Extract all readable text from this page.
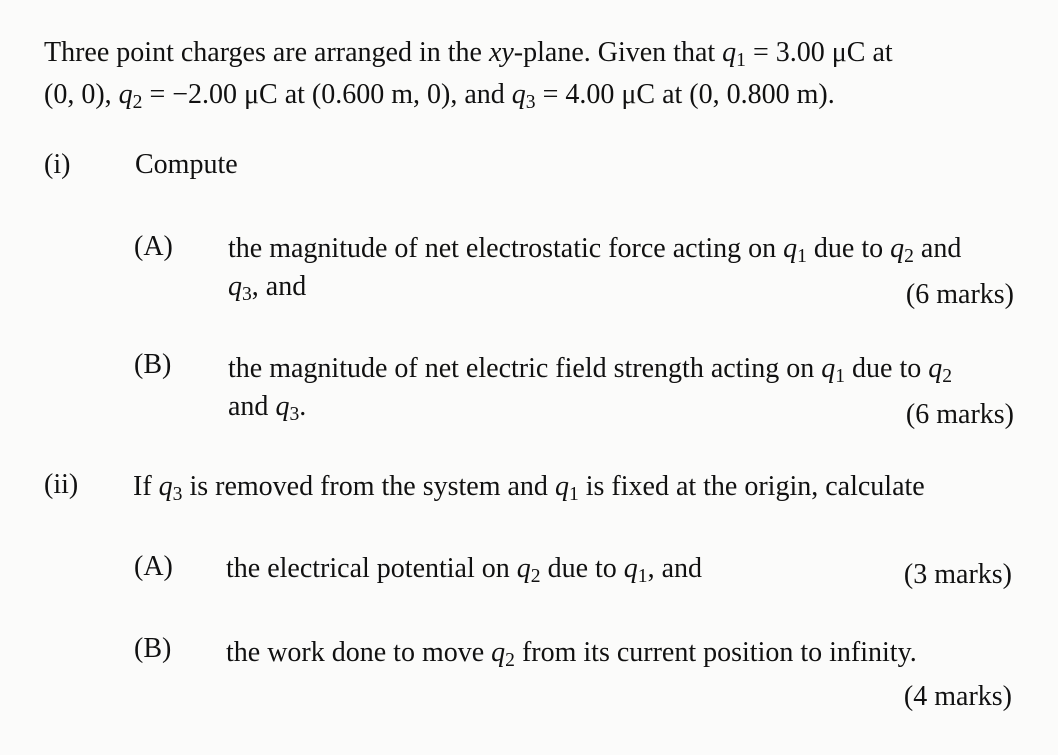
Three point charges are arranged in the xy-plane. Given that $q_1 = 3.00$ μC at
(0, 0), $q_2 = -2.00$ μC at (0.600 m, 0), and $q_3 = 4.00$ μC at (0, 0.800 m).
(i) Compute
(A) the magnitude of net electrostatic force acting on $q_1$ due to $q_2$ and
$q_3$, and	(6 marks)
(B) the magnitude of net electric field strength acting on $q_1$ due to $q_2$
and $q_3$.	(6 marks)
(ii) If $q_3$ is removed from the system and $q_1$ is fixed at the origin, calculate
(A) the electrical potential on $q_2$ due to $q_1$, and	(3 marks)
(B) the work done to move $q_2$ from its current position to infinity.
(4 marks)
